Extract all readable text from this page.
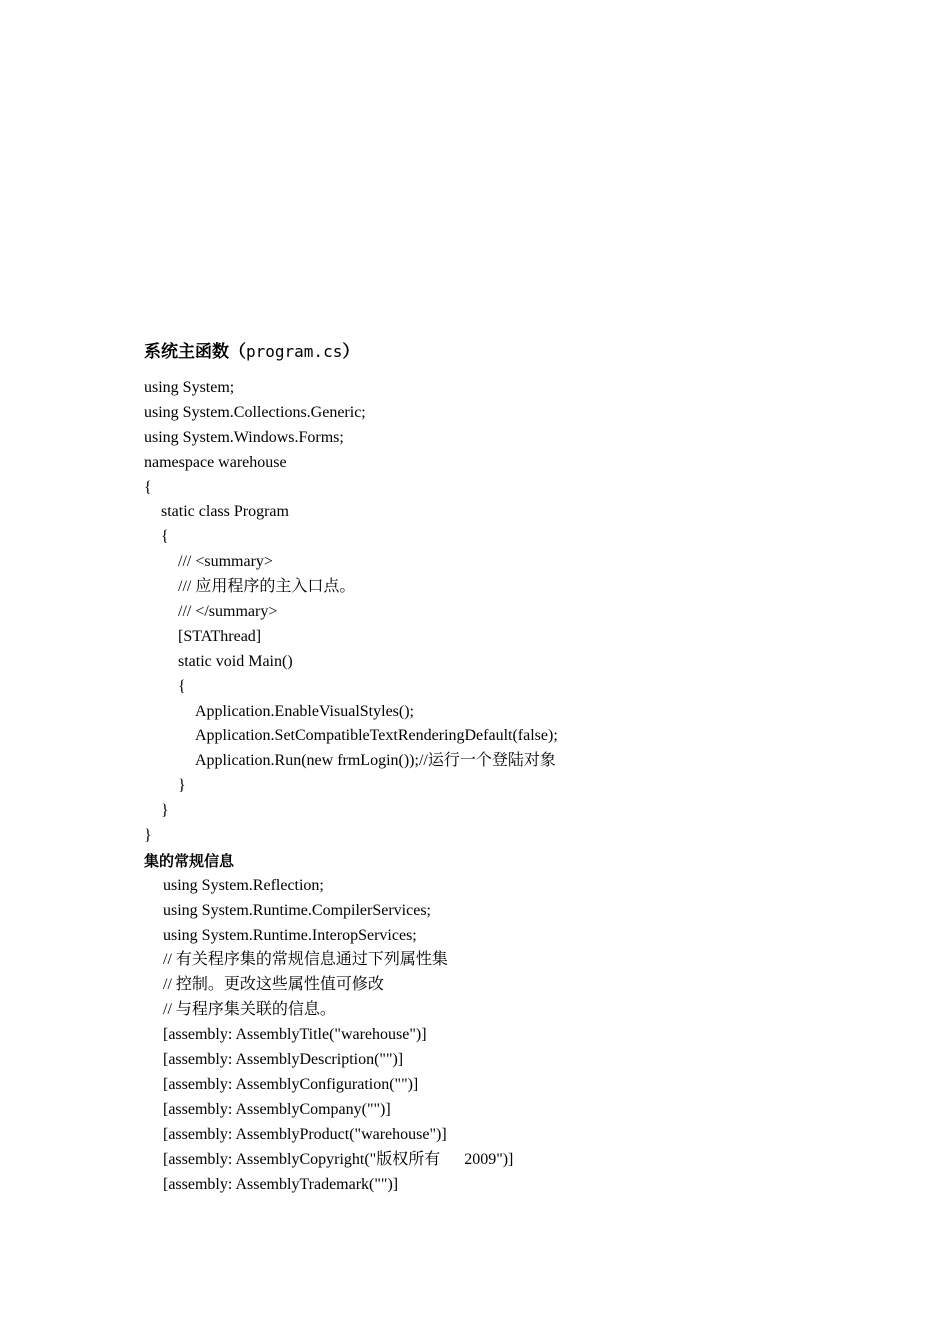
系统主函数（program.cs）
using System;
using System.Collections.Generic;
using System.Windows.Forms;
namespace warehouse
{
static class Program
{
/// <summary>
/// 应用程序的主入口点。
/// </summary>
[STAThread]
static void Main()
{
Application.EnableVisualStyles();
Application.SetCompatibleTextRenderingDefault(false);
Application.Run(new frmLogin());//运行一个登陆对象
}
}
}
集的常规信息
using System.Reflection;
using System.Runtime.CompilerServices;
using System.Runtime.InteropServices;
// 有关程序集的常规信息通过下列属性集
// 控制。更改这些属性值可修改
// 与程序集关联的信息。
[assembly: AssemblyTitle("warehouse")]
[assembly: AssemblyDescription("")]
[assembly: AssemblyConfiguration("")]
[assembly: AssemblyCompany("")]
[assembly: AssemblyProduct("warehouse")]
[assembly: AssemblyCopyright("版权所有      2009")]
[assembly: AssemblyTrademark("")]
